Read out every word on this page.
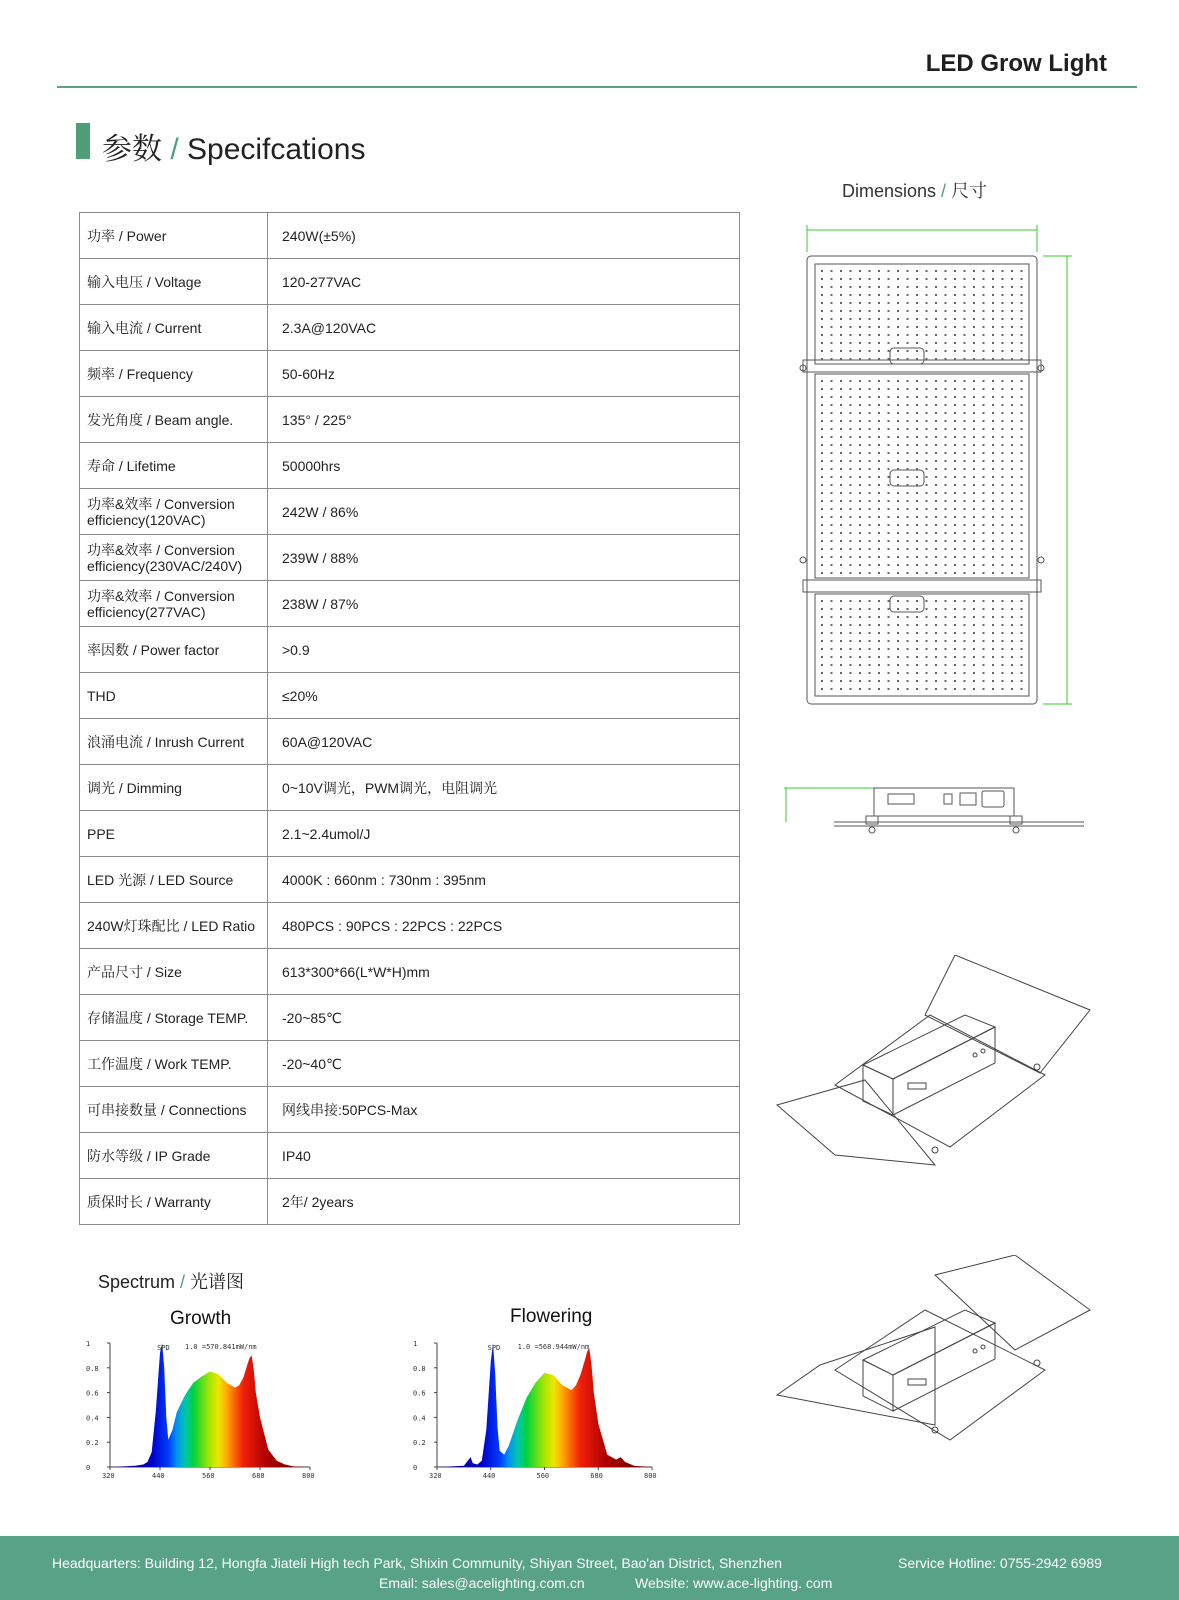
LED Grow Light
参数 / Specifcations
Dimensions / 尺寸
功率 / Power	240W(±5%)
输入电压 / Voltage	120-277VAC
输入电流 / Current	2.3A@120VAC
频率 / Frequency	50-60Hz
发光角度 / Beam angle.	135° / 225°
寿命 / Lifetime	50000hrs
功率&效率 / Conversion efficiency(120VAC)	242W / 86%
功率&效率 / Conversion efficiency(230VAC/240V)	239W / 88%
功率&效率 / Conversion efficiency(277VAC)	238W / 87%
率因数 / Power factor	>0.9
THD	≤20%
浪涌电流 / Inrush Current	60A@120VAC
调光 / Dimming	0~10V调光，PWM调光，电阻调光
PPE	2.1~2.4umol/J
LED 光源 / LED Source	4000K : 660nm : 730nm : 395nm
240W灯珠配比 / LED Ratio	480PCS : 90PCS : 22PCS : 22PCS
产品尺寸 / Size	613*300*66(L*W*H)mm
存储温度 / Storage TEMP.	-20~85℃
工作温度 / Work TEMP.	-20~40℃
可串接数量 / Connections	网线串接:50PCS-Max
防水等级 / IP Grade	IP40
质保时长 / Warranty	2年/ 2years
Spectrum / 光谱图
Growth	Flowering
0
0.2
0.4
0.6
0.8
1
320	440	560	680	800
1.0 =570.841mW/nm
SPD
0
0.2
0.4
0.6
0.8
1
320	440	560	680	800
1.0 =568.944mW/nm
SPD
Headquarters: Building 12, Hongfa Jiateli High tech Park, Shixin Community, Shiyan Street, Bao'an District, Shenzhen	Service Hotline: 0755-2942 6989
Email: sales@acelighting.com.cn	Website: www.ace-lighting. com
